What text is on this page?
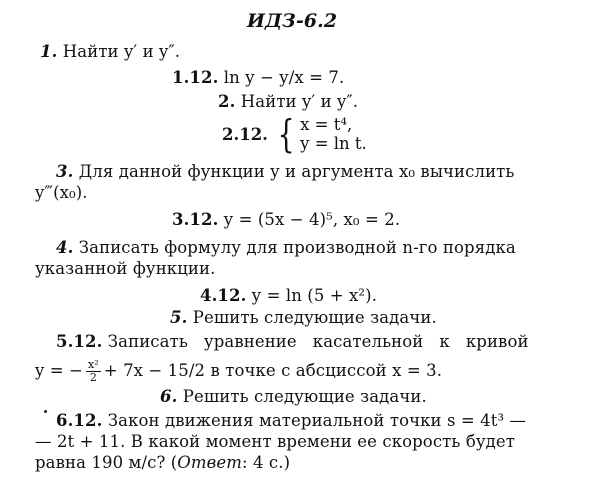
ИДЗ-6.2
1. Найти y′ и y″.
1.12. ln y − y/x = 7.
2. Найти y′ и y″.
2.12. { x = t⁴,
y = ln t.
3. Для данной функции y и аргумента x₀ вычислить
y‴(x₀).
3.12. y = (5x − 4)⁵, x₀ = 2.
4. Записать формулу для производной n-го порядка
указанной функции.
4.12. y = ln (5 + x²).
5. Решить следующие задачи.
5.12. Записать   уравнение   касательной   к   кривой
y = − $\frac{\text{x²}}{2} + 7x - 15/2$ в точке с абсциссой x = 3.
6. Решить следующие задачи.
6.12. Закон движения материальной точки s = 4t³ —
— 2t + 11. В какой момент времени ее скорость будет
равна 190 м/с? (Ответ: 4 с.)
